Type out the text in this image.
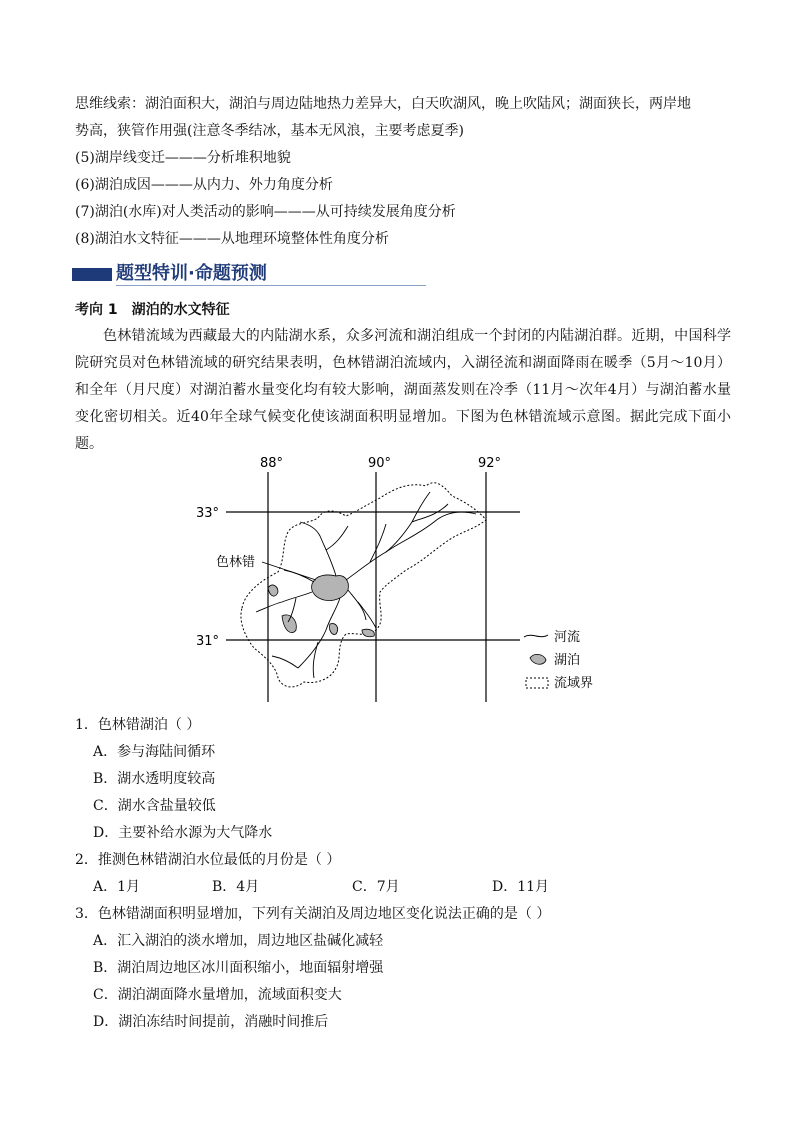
思维线索：湖泊面积大，湖泊与周边陆地热力差异大，白天吹湖风，晚上吹陆风；湖面狭长，两岸地
势高，狭管作用强(注意冬季结冰，基本无风浪，主要考虑夏季)
(5)湖岸线变迁———分析堆积地貌
(6)湖泊成因———从内力、外力角度分析
(7)湖泊(水库)对人类活动的影响———从可持续发展角度分析
(8)湖泊水文特征———从地理环境整体性角度分析
题型特训·命题预测
考向 1 湖泊的水文特征
色林错流域为西藏最大的内陆湖水系，众多河流和湖泊组成一个封闭的内陆湖泊群。近期，中国科学院研究员对色林错流域的研究结果表明，色林错湖泊流域内，入湖径流和湖面降雨在暖季（5月～10月）和全年（月尺度）对湖泊蓄水量变化均有较大影响，湖面蒸发则在冷季（11月～次年4月）与湖泊蓄水量变化密切相关。近40年全球气候变化使该湖面积明显增加。下图为色林错流域示意图。据此完成下面小题。
88°	90°	92°
33°
31°
色林错
河流
湖泊
流域界
1．色林错湖泊（ ）
A．参与海陆间循环
B．湖水透明度较高
C．湖水含盐量较低
D．主要补给水源为大气降水
2．推测色林错湖泊水位最低的月份是（ ）
A．1月	B．4月	C．7月	D．11月
3．色林错湖面积明显增加，下列有关湖泊及周边地区变化说法正确的是（ ）
A．汇入湖泊的淡水增加，周边地区盐碱化减轻
B．湖泊周边地区冰川面积缩小，地面辐射增强
C．湖泊湖面降水量增加，流域面积变大
D．湖泊冻结时间提前，消融时间推后
